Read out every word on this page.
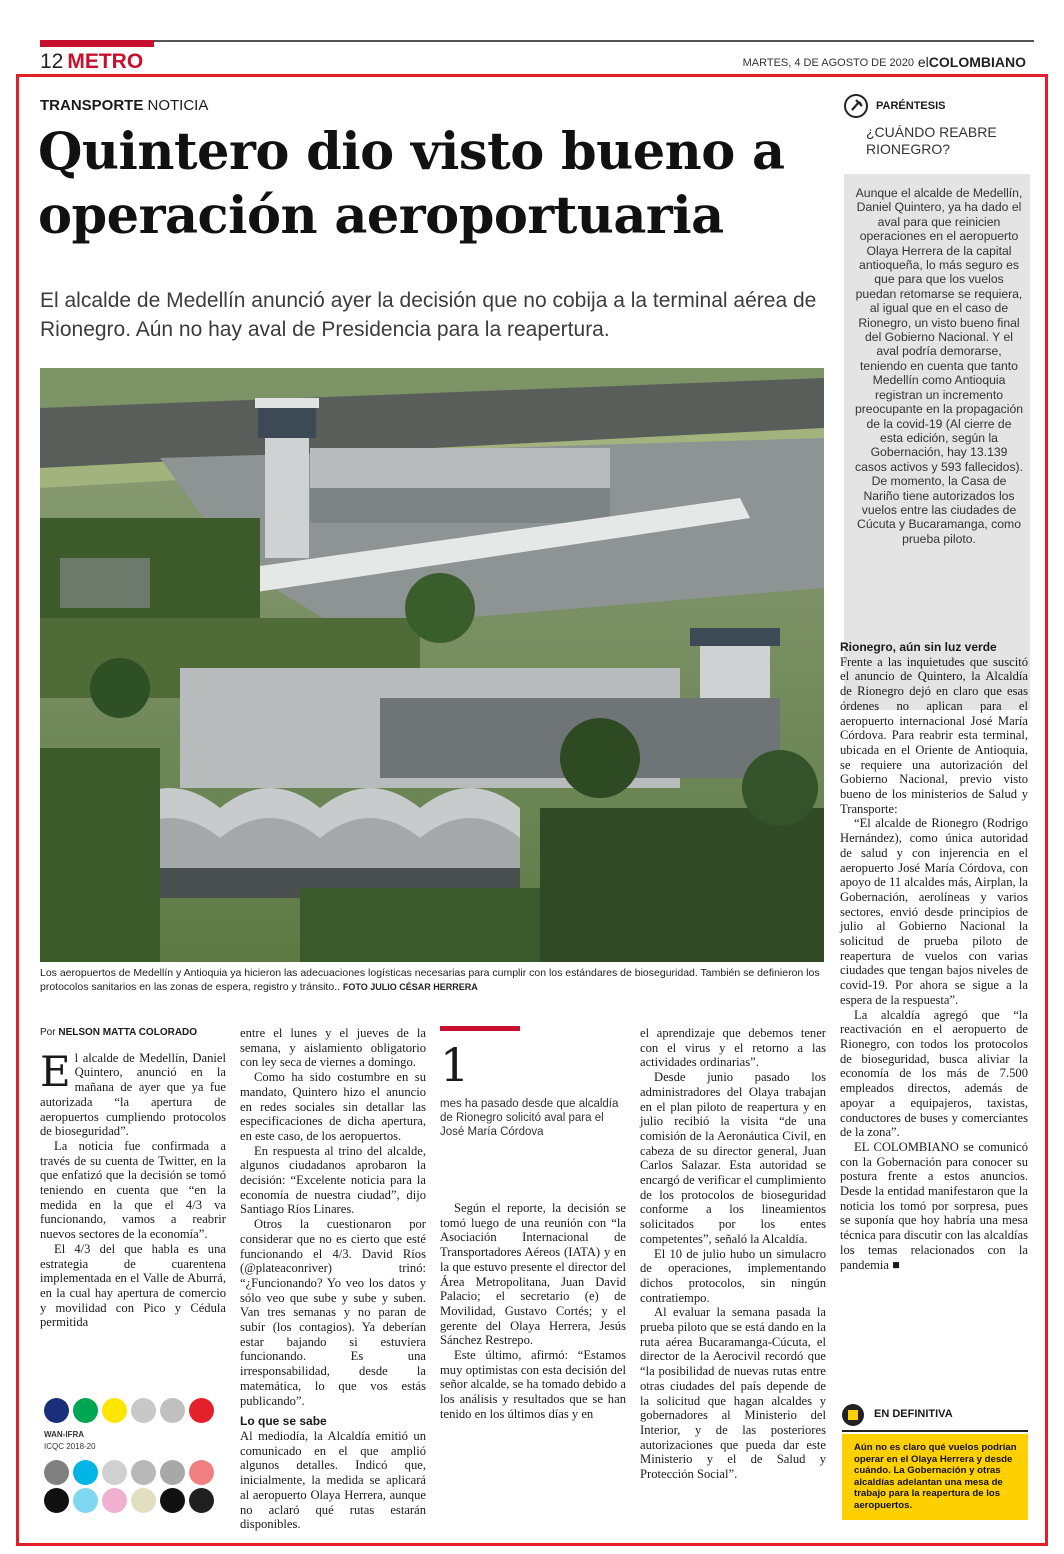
12 METRO	MARTES, 4 DE AGOSTO DE 2020 elCOLOMBIANO
TRANSPORTE NOTICIA
Quintero dio visto bueno a operación aeroportuaria

El alcalde de Medellín anunció ayer la decisión que no cobija a la terminal aérea de Rionegro. Aún no hay aval de Presidencia para la reapertura.

Los aeropuertos de Medellín y Antioquia ya hicieron las adecuaciones logísticas necesarias para cumplir con los estándares de bioseguridad. También se definieron los protocolos sanitarios en las zonas de espera, registro y tránsito.. FOTO JULIO CÉSAR HERRERA
PARÉNTESIS
¿CUÁNDO REABRE RIONEGRO?
Aunque el alcalde de Medellín, Daniel Quintero, ya ha dado el aval para que reinicien operaciones en el aeropuerto Olaya Herrera de la capital antioqueña, lo más seguro es que para que los vuelos puedan retomarse se requiera, al igual que en el caso de Rionegro, un visto bueno final del Gobierno Nacional. Y el aval podría demorarse, teniendo en cuenta que tanto Medellín como Antioquia registran un incremento preocupante en la propagación de la covid-19 (Al cierre de esta edición, según la Gobernación, hay 13.139 casos activos y 593 fallecidos). De momento, la Casa de Nariño tiene autorizados los vuelos entre las ciudades de Cúcuta y Bucaramanga, como prueba piloto.
Por NELSON MATTA COLORADO

El alcalde de Medellín, Daniel Quintero, anunció en la mañana de ayer que ya fue autorizada “la apertura de aeropuertos cumpliendo protocolos de bioseguridad”.

La noticia fue confirmada a través de su cuenta de Twitter, en la que enfatizó que la decisión se tomó teniendo en cuenta que “en la medida en la que el 4/3 va funcionando, vamos a reabrir nuevos sectores de la economía”.

El 4/3 del que habla es una estrategia de cuarentena implementada en el Valle de Aburrá, en la cual hay apertura de comercio y movilidad con Pico y Cédula permitida

entre el lunes y el jueves de la semana, y aislamiento obligatorio con ley seca de viernes a domingo.

Como ha sido costumbre en su mandato, Quintero hizo el anuncio en redes sociales sin detallar las especificaciones de dicha apertura, en este caso, de los aeropuertos.

En respuesta al trino del alcalde, algunos ciudadanos aprobaron la decisión: “Excelente noticia para la economía de nuestra ciudad”, dijo Santiago Ríos Linares.

Otros la cuestionaron por considerar que no es cierto que esté funcionando el 4/3. David Ríos (@plateaconriver) trinó: “¿Funcionando? Yo veo los datos y sólo veo que sube y sube y suben. Van tres semanas y no paran de subir (los contagios). Ya deberían estar bajando si estuviera funcionando. Es una irresponsabilidad, desde la matemática, lo que vos estás publicando”.

Lo que se sabe

Al mediodía, la Alcaldía emitió un comunicado en el que amplió algunos detalles. Indicó que, inicialmente, la medida se aplicará al aeropuerto Olaya Herrera, aunque no aclaró qué rutas estarán disponibles.

1
mes ha pasado desde que alcaldía de Rionegro solicitó aval para el José María Córdova

Según el reporte, la decisión se tomó luego de una reunión con “la Asociación Internacional de Transportadores Aéreos (IATA) y en la que estuvo presente el director del Área Metropolitana, Juan David Palacio; el secretario (e) de Movilidad, Gustavo Cortés; y el gerente del Olaya Herrera, Jesús Sánchez Restrepo.

Este último, afirmó: “Estamos muy optimistas con esta decisión del señor alcalde, se ha tomado debido a los análisis y resultados que se han tenido en los últimos días y en

el aprendizaje que debemos tener con el virus y el retorno a las actividades ordinarias”.

Desde junio pasado los administradores del Olaya trabajan en el plan piloto de reapertura y en julio recibió la visita “de una comisión de la Aeronáutica Civil, en cabeza de su director general, Juan Carlos Salazar. Esta autoridad se encargó de verificar el cumplimiento de los protocolos de bioseguridad conforme a los lineamientos solicitados por los entes competentes”, señaló la Alcaldía.

El 10 de julio hubo un simulacro de operaciones, implementando dichos protocolos, sin ningún contratiempo.

Al evaluar la semana pasada la prueba piloto que se está dando en la ruta aérea Bucaramanga-Cúcuta, el director de la Aerocivil recordó que “la posibilidad de nuevas rutas entre otras ciudades del país depende de la solicitud que hagan alcaldes y gobernadores al Ministerio del Interior, y de las posteriores autorizaciones que pueda dar este Ministerio y el de Salud y Protección Social”.

Rionegro, aún sin luz verde

Frente a las inquietudes que suscitó el anuncio de Quintero, la Alcaldía de Rionegro dejó en claro que esas órdenes no aplican para el aeropuerto internacional José María Córdova. Para reabrir esta terminal, ubicada en el Oriente de Antioquia, se requiere una autorización del Gobierno Nacional, previo visto bueno de los ministerios de Salud y Transporte:

“El alcalde de Rionegro (Rodrigo Hernández), como única autoridad de salud y con injerencia en el aeropuerto José María Córdova, con apoyo de 11 alcaldes más, Airplan, la Gobernación, aerolíneas y varios sectores, envió desde principios de julio al Gobierno Nacional la solicitud de prueba piloto de reapertura de vuelos con varias ciudades que tengan bajos niveles de covid-19. Por ahora se sigue a la espera de la respuesta”.

La alcaldía agregó que “la reactivación en el aeropuerto de Rionegro, con todos los protocolos de bioseguridad, busca aliviar la economía de los más de 7.500 empleados directos, además de apoyar a equipajeros, taxistas, conductores de buses y comerciantes de la zona”.

EL COLOMBIANO se comunicó con la Gobernación para conocer su postura frente a estos anuncios. Desde la entidad manifestaron que la noticia los tomó por sorpresa, pues se suponía que hoy habría una mesa técnica para discutir con las alcaldías los temas relacionados con la pandemia ■

WAN-IFRA
ICQC 2018-20
EN DEFINITIVA
Aún no es claro qué vuelos podrían operar en el Olaya Herrera y desde cuándo. La Gobernación y otras alcaldías adelantan una mesa de trabajo para la reapertura de los aeropuertos.
